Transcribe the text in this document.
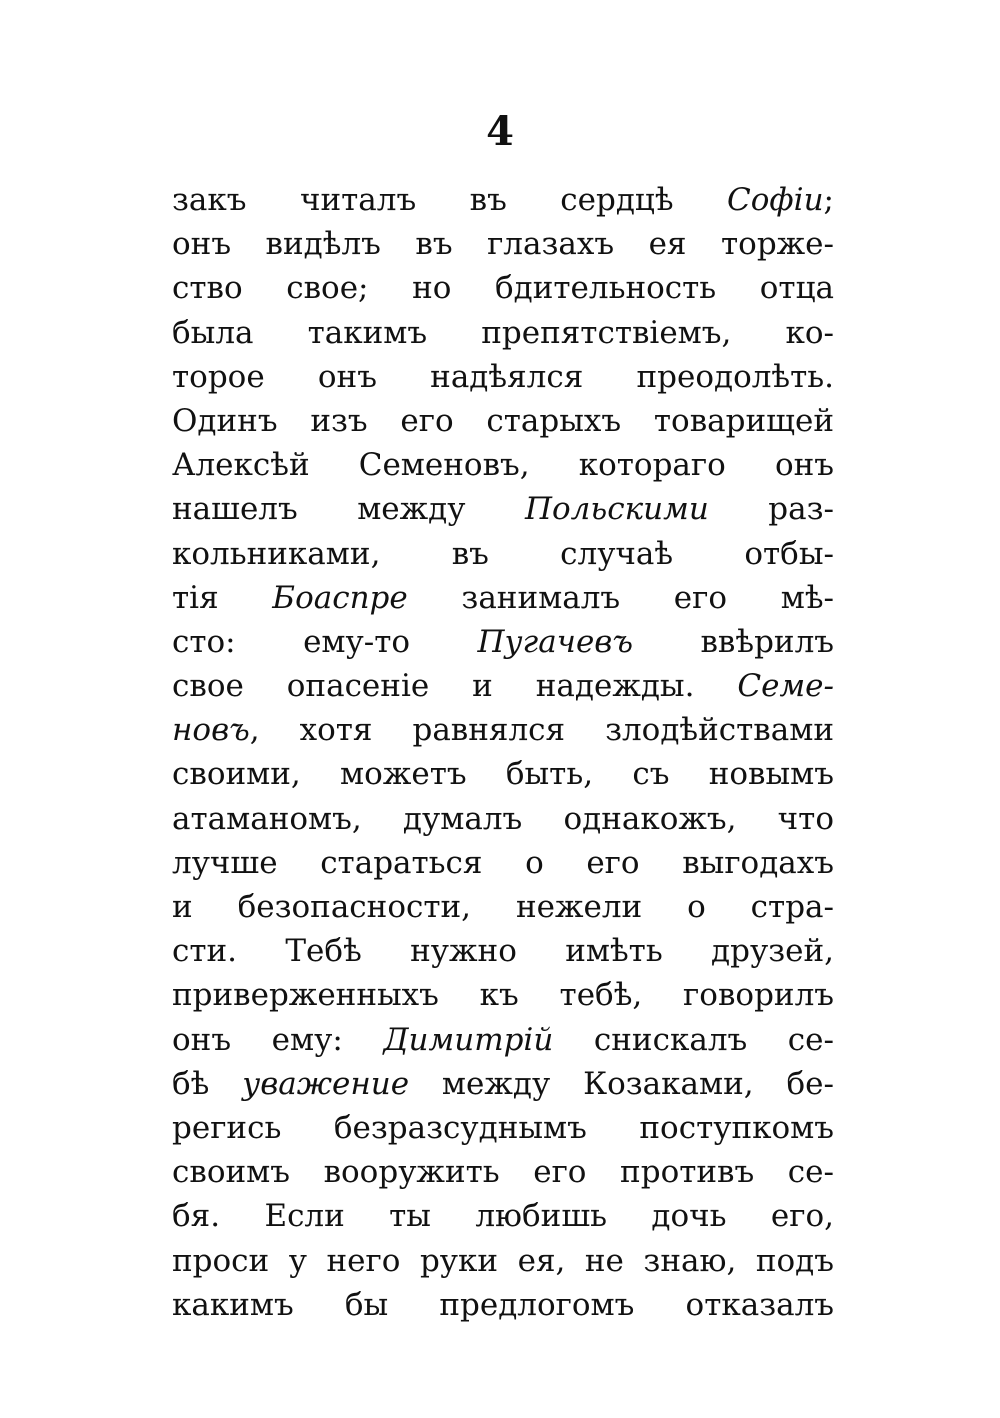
4
закъ читалъ въ сердцѣ Софіи;
онъ видѣлъ въ глазахъ ея торже-
ство свое; но бдительность отца
была такимъ препятствіемъ, ко-
торое онъ надѣялся преодолѣть.
Одинъ изъ его старыхъ товарищей
Алексѣй Семеновъ, котораго онъ
нашелъ между Польскими раз-
кольниками, въ случаѣ отбы-
тія Боаспре занималъ его мѣ-
сто: ему-то Пугачевъ ввѣрилъ
свое опасеніе и надежды. Семе-
новъ, хотя равнялся злодѣйствами
своими, можетъ быть, съ новымъ
атаманомъ, думалъ однакожъ, что
лучше стараться о его выгодахъ
и безопасности, нежели о стра-
сти. Тебѣ нужно имѣть друзей,
приверженныхъ къ тебѣ, говорилъ
онъ ему: Димитрій снискалъ се-
бѣ уважение между Козаками, бе-
регись безразсуднымъ поступкомъ
своимъ вооружить его противъ се-
бя. Если ты любишь дочь его,
проси у него руки ея, не знаю, подъ
какимъ бы предлогомъ отказалъ
